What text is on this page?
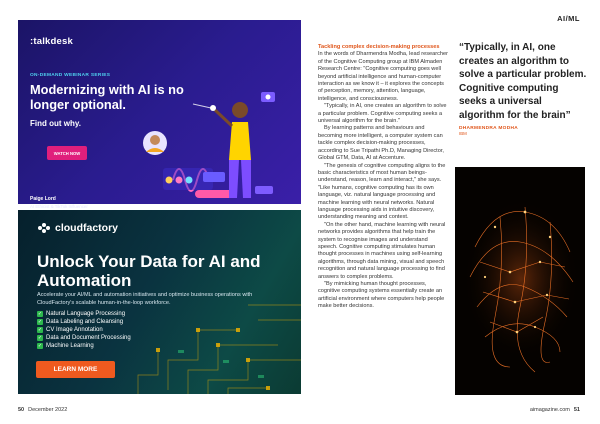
:talkdesk
ON-DEMAND WEBINAR SERIES
Modernizing with AI is no longer optional.
Find out why.
WATCH NOW
Paige Lord
AI Ethicist & TikTok Influencer
cloudfactory
Unlock Your Data for AI and Automation
Accelerate your AI/ML and automation initiatives and optimize business operations with CloudFactory's scalable human-in-the-loop workforce.
✓ Natural Language Processing
✓ Data Labeling and Cleansing
✓ CV Image Annotation
✓ Data and Document Processing
✓ Machine Learning
LEARN MORE
50 December 2022
AI/ML
Tackling complex decision-making processes

In the words of Dharmendra Modha, lead researcher of the Cognitive Computing group at IBM Almaden Research Centre: "Cognitive computing goes well beyond artificial intelligence and human-computer interaction as we know it – it explores the concepts of perception, memory, attention, language, intelligence, and consciousness.

"Typically, in AI, one creates an algorithm to solve a particular problem. Cognitive computing seeks a universal algorithm for the brain."

By learning patterns and behaviours and becoming more intelligent, a computer system can tackle complex decision-making processes, according to Sue Tripathi Ph.D, Managing Director, Global GTM, Data, AI at Accenture.

"The genesis of cognitive computing aligns to the basic characteristics of most human beings-understand, reason, learn and interact," she says. "Like humans, cognitive computing has its own language, viz. natural language processing and machine learning with neural networks. Natural language processing aids in intuitive discovery, understanding meaning and context.

"On the other hand, machine learning with neural networks provides algorithms that help train the system to recognise images and understand speech. Cognitive computing stimulates human thought processes in machines using self-learning algorithms, through data mining, visual and speech recognition and natural language processing to find answers to complex problems.

"By mimicking human thought processes, cognitive computing systems essentially create an artificial environment where computers help people make better decisions.

“Typically, in AI, one creates an algorithm to solve a particular problem. Cognitive computing seeks a universal algorithm for the brain”
DHARMENDRA MODHA
IBM
aimagazine.com 51
